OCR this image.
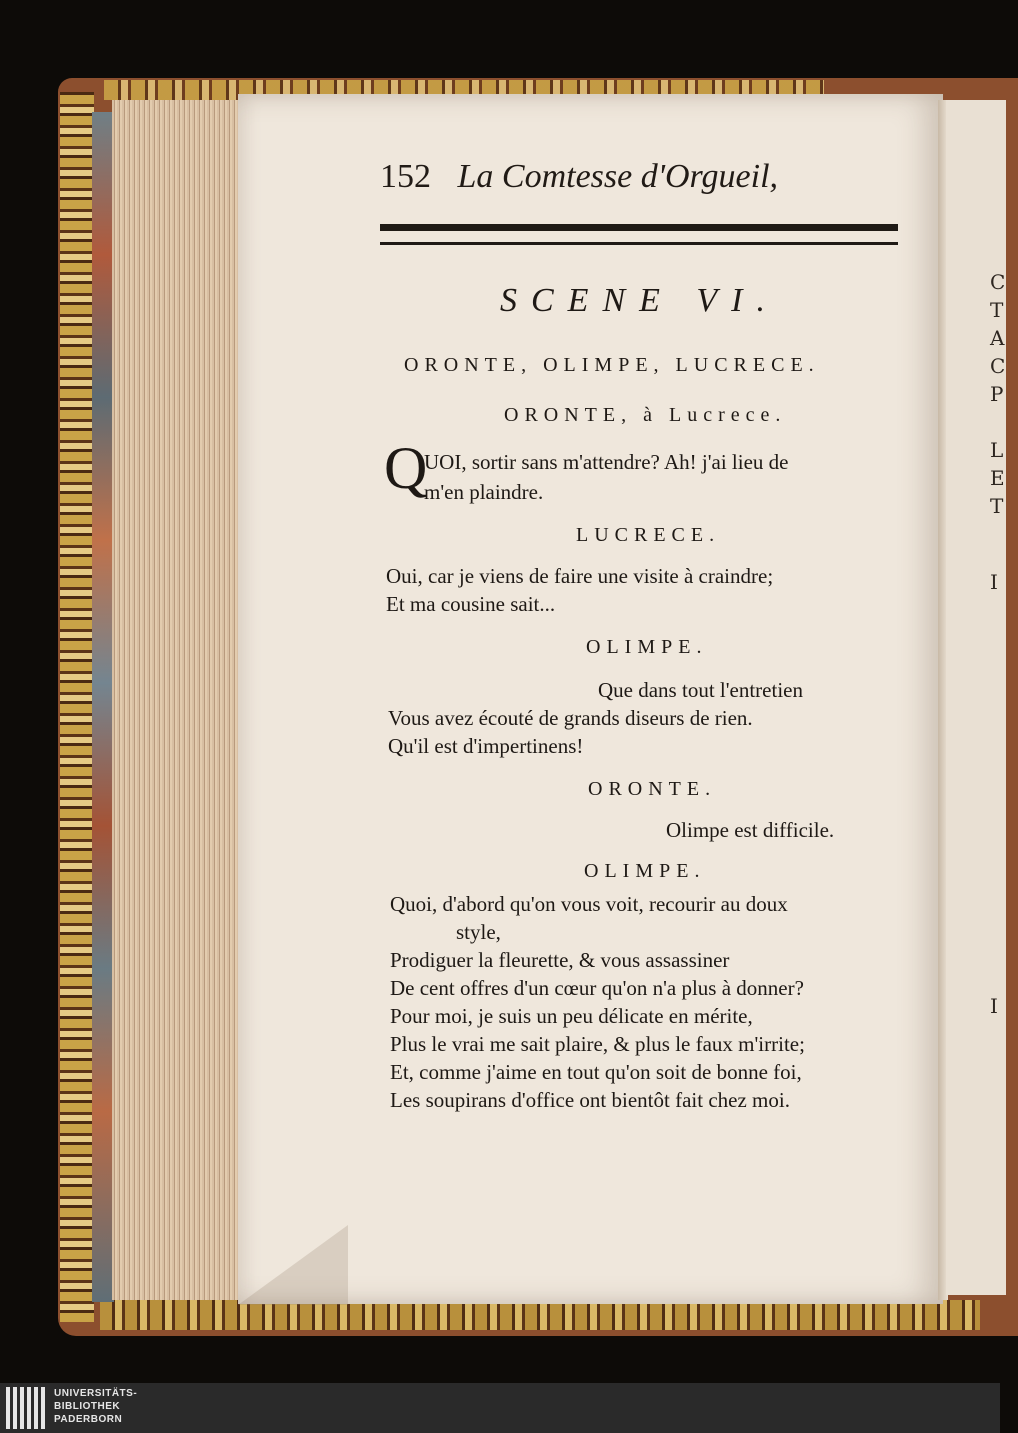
C
T
A
C
P
L
E
T
I
I
152 La Comtesse d'Orgueil,
SCENE VI.
ORONTE, OLIMPE, LUCRECE.
ORONTE, à Lucrece.
Q
UOI, sortir sans m'attendre? Ah! j'ai lieu de
m'en plaindre.
LUCRECE.
Oui, car je viens de faire une visite à craindre;
Et ma cousine sait...
OLIMPE.
Que dans tout l'entretien
Vous avez écouté de grands diseurs de rien.
Qu'il est d'impertinens!
ORONTE.
Olimpe est difficile.
OLIMPE.
Quoi, d'abord qu'on vous voit, recourir au doux
style,
Prodiguer la fleurette, & vous assassiner
De cent offres d'un cœur qu'on n'a plus à donner?
Pour moi, je suis un peu délicate en mérite,
Plus le vrai me sait plaire, & plus le faux m'irrite;
Et, comme j'aime en tout qu'on soit de bonne foi,
Les soupirans d'office ont bientôt fait chez moi.
UNIVERSITÄTS-
BIBLIOTHEK
PADERBORN
